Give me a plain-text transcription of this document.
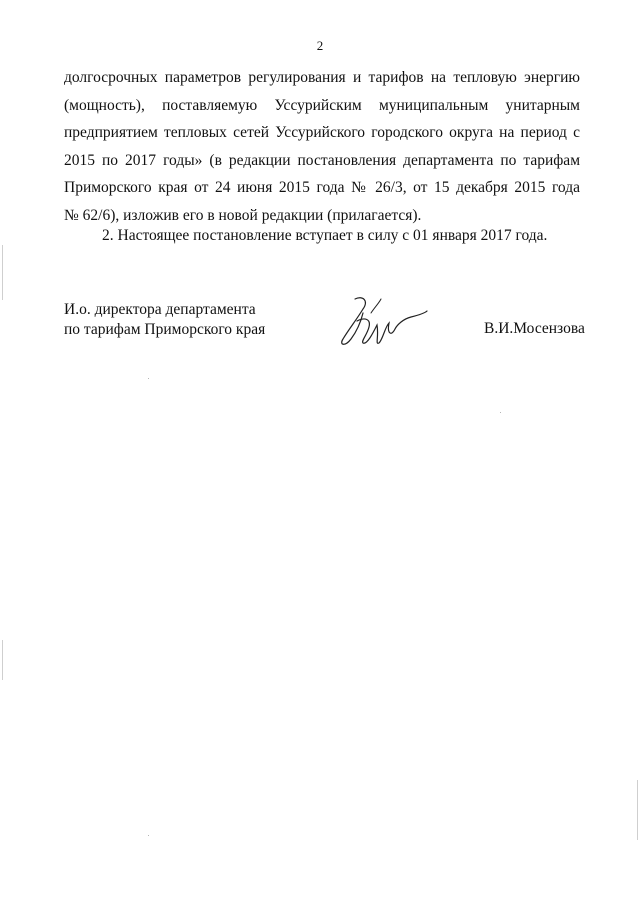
2
долгосрочных параметров регулирования и тарифов на тепловую энергию
(мощность), поставляемую Уссурийским муниципальным унитарным
предприятием тепловых сетей Уссурийского городского округа на период с
2015 по 2017 годы» (в редакции постановления департамента по тарифам
Приморского края от 24 июня 2015 года № 26/3, от 15 декабря 2015 года
№ 62/6), изложив его в новой редакции (прилагается).
2. Настоящее постановление вступает в силу с 01 января 2017 года.
И.о. директора департамента
по тарифам Приморского края	В.И.Мосензова
